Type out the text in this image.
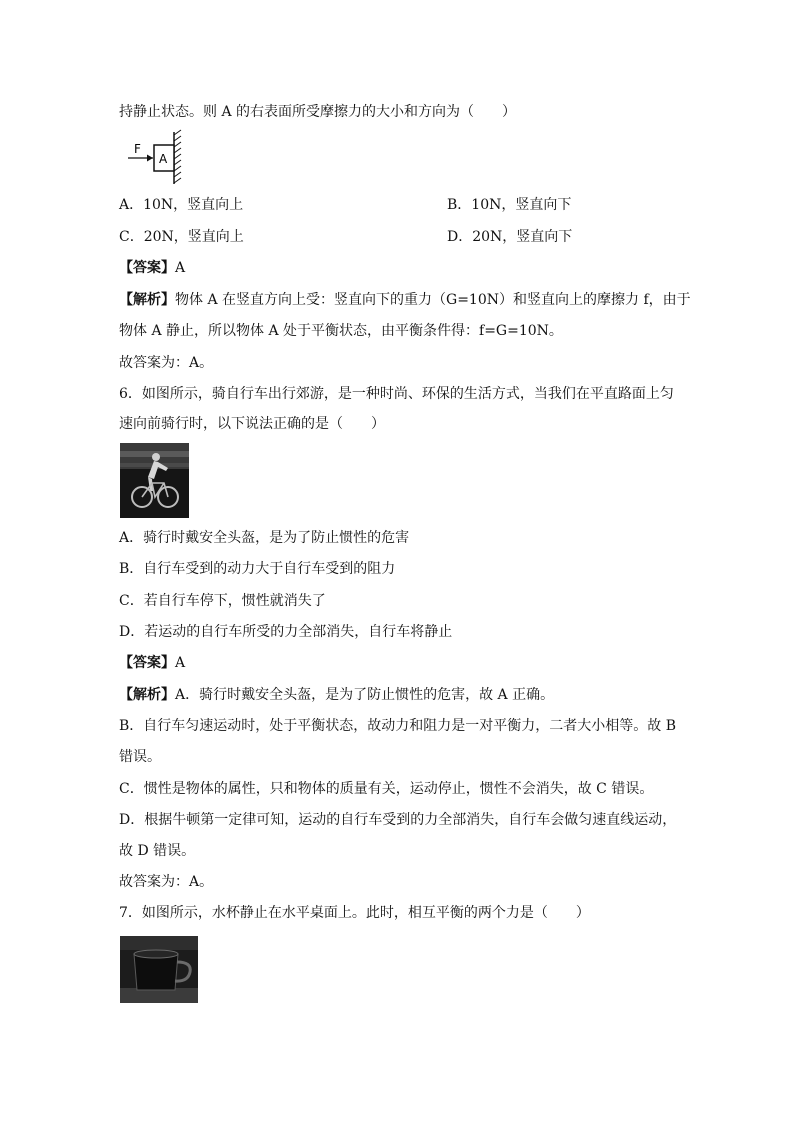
持静止状态。则 A 的右表面所受摩擦力的大小和方向为（　　）
F
A
A．10N，竖直向上	B．10N，竖直向下
C．20N，竖直向上	D．20N，竖直向下
【答案】A
【解析】物体 A 在竖直方向上受：竖直向下的重力（G=10N）和竖直向上的摩擦力 f，由于
物体 A 静止，所以物体 A 处于平衡状态，由平衡条件得：f=G=10N。
故答案为：A。
6．如图所示，骑自行车出行郊游，是一种时尚、环保的生活方式，当我们在平直路面上匀
速向前骑行时，以下说法正确的是（　　）
A．骑行时戴安全头盔，是为了防止惯性的危害
B．自行车受到的动力大于自行车受到的阻力
C．若自行车停下，惯性就消失了
D．若运动的自行车所受的力全部消失，自行车将静止
【答案】A
【解析】A．骑行时戴安全头盔，是为了防止惯性的危害，故 A 正确。
B．自行车匀速运动时，处于平衡状态，故动力和阻力是一对平衡力，二者大小相等。故 B
错误。
C．惯性是物体的属性，只和物体的质量有关，运动停止，惯性不会消失，故 C 错误。
D．根据牛顿第一定律可知，运动的自行车受到的力全部消失，自行车会做匀速直线运动，
故 D 错误。
故答案为：A。
7．如图所示，水杯静止在水平桌面上。此时，相互平衡的两个力是（　　）
